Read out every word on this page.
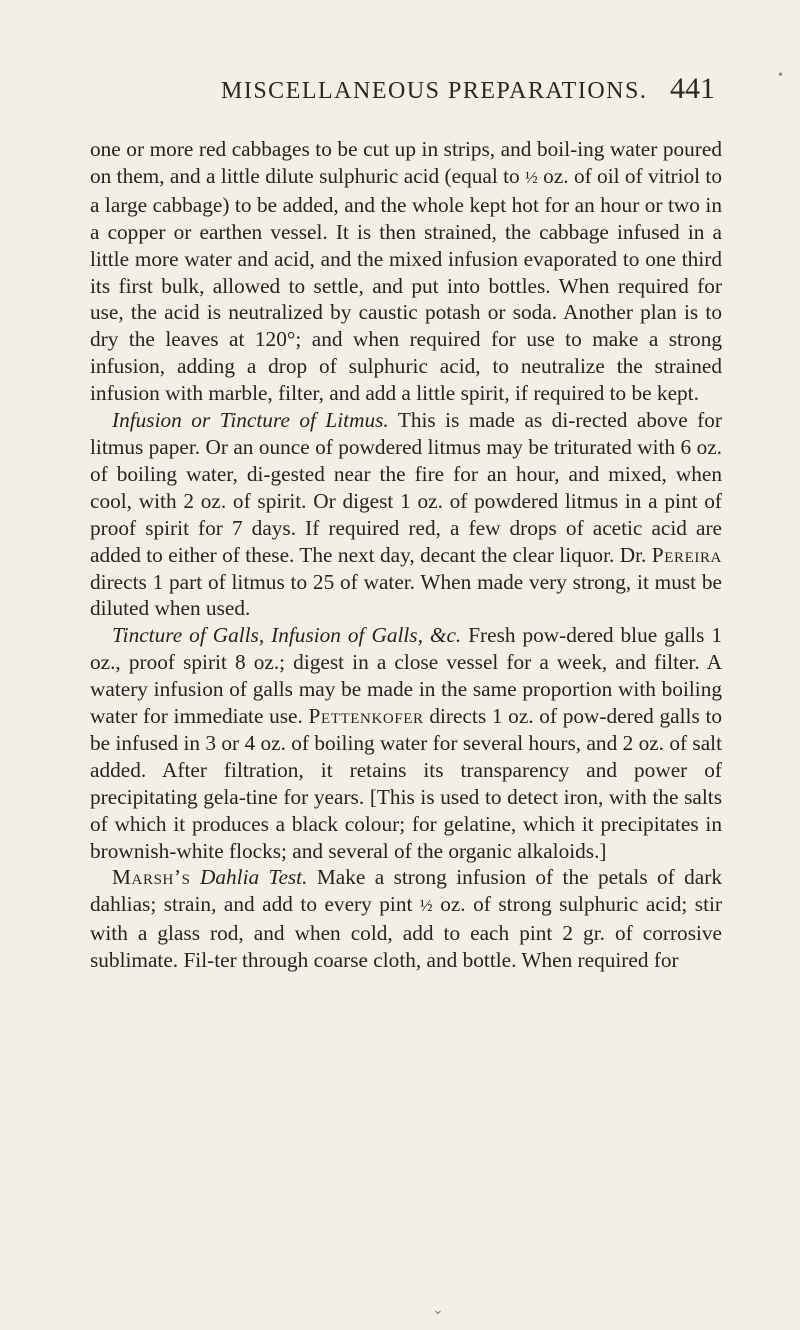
MISCELLANEOUS PREPARATIONS. 441

one or more red cabbages to be cut up in strips, and boil-ing water poured on them, and a little dilute sulphuric acid (equal to ½ oz. of oil of vitriol to a large cabbage) to be added, and the whole kept hot for an hour or two in a copper or earthen vessel. It is then strained, the cabbage infused in a little more water and acid, and the mixed infusion evaporated to one third its first bulk, allowed to settle, and put into bottles. When required for use, the acid is neutralized by caustic potash or soda. Another plan is to dry the leaves at 120°; and when required for use to make a strong infusion, adding a drop of sulphuric acid, to neutralize the strained infusion with marble, filter, and add a little spirit, if required to be kept.

Infusion or Tincture of Litmus. This is made as di-rected above for litmus paper. Or an ounce of powdered litmus may be triturated with 6 oz. of boiling water, di-gested near the fire for an hour, and mixed, when cool, with 2 oz. of spirit. Or digest 1 oz. of powdered litmus in a pint of proof spirit for 7 days. If required red, a few drops of acetic acid are added to either of these. The next day, decant the clear liquor. Dr. Pereira directs 1 part of litmus to 25 of water. When made very strong, it must be diluted when used.

Tincture of Galls, Infusion of Galls, &c. Fresh pow-dered blue galls 1 oz., proof spirit 8 oz.; digest in a close vessel for a week, and filter. A watery infusion of galls may be made in the same proportion with boiling water for immediate use. Pettenkofer directs 1 oz. of pow-dered galls to be infused in 3 or 4 oz. of boiling water for several hours, and 2 oz. of salt added. After filtration, it retains its transparency and power of precipitating gela-tine for years. [This is used to detect iron, with the salts of which it produces a black colour; for gelatine, which it precipitates in brownish-white flocks; and several of the organic alkaloids.]

Marsh’s Dahlia Test. Make a strong infusion of the petals of dark dahlias; strain, and add to every pint ½ oz. of strong sulphuric acid; stir with a glass rod, and when cold, add to each pint 2 gr. of corrosive sublimate. Fil-ter through coarse cloth, and bottle. When required for

•
⌄
